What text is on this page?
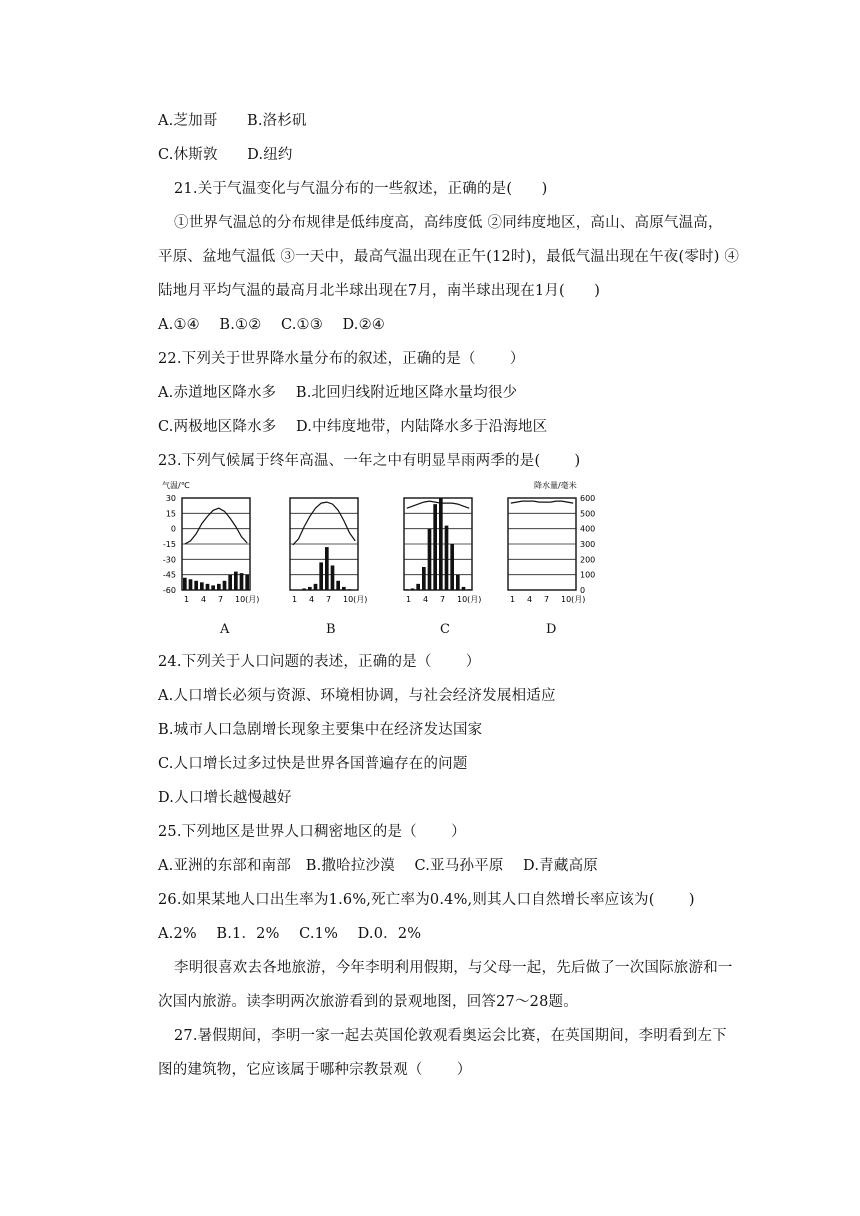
A.芝加哥　　B.洛杉矶
C.休斯敦　　D.纽约
21.关于气温变化与气温分布的一些叙述，正确的是(　　)
①世界气温总的分布规律是低纬度高，高纬度低 ②同纬度地区，高山、高原气温高，
平原、盆地气温低 ③一天中，最高气温出现在正午(12时)，最低气温出现在午夜(零时) ④
陆地月平均气温的最高月北半球出现在7月，南半球出现在1月(　　)
A.①④　 B.①②　 C.①③　 D.②④
22.下列关于世界降水量分布的叙述，正确的是（　　 ）
A.赤道地区降水多　 B.北回归线附近地区降水量均很少
C.两极地区降水多　 D.中纬度地带，内陆降水多于沿海地区
23.下列气候属于终年高温、一年之中有明显旱雨两季的是(　　 )
气温/℃	降水量/毫米
30
15
0
-15
-30
-45
-60
600
500
400
300
200
100
0
1 4 7 10(月)	1 4 7 10(月)	1 4 7 10(月)	1 4 7 10(月)
A	B	C	D
24.下列关于人口问题的表述，正确的是（　　 ）
A.人口增长必须与资源、环境相协调，与社会经济发展相适应
B.城市人口急剧增长现象主要集中在经济发达国家
C.人口增长过多过快是世界各国普遍存在的问题
D.人口增长越慢越好
25.下列地区是世界人口稠密地区的是（　　 ）
A.亚洲的东部和南部　B.撒哈拉沙漠　 C.亚马孙平原　 D.青藏高原
26.如果某地人口出生率为1.6%,死亡率为0.4%,则其人口自然增长率应该为(　　 )
A.2%　 B.1．2%　 C.1%　 D.0．2%
李明很喜欢去各地旅游，今年李明利用假期，与父母一起，先后做了一次国际旅游和一
次国内旅游。读李明两次旅游看到的景观地图，回答27～28题。
27.暑假期间，李明一家一起去英国伦敦观看奥运会比赛，在英国期间，李明看到左下
图的建筑物，它应该属于哪种宗教景观（　　 ）
